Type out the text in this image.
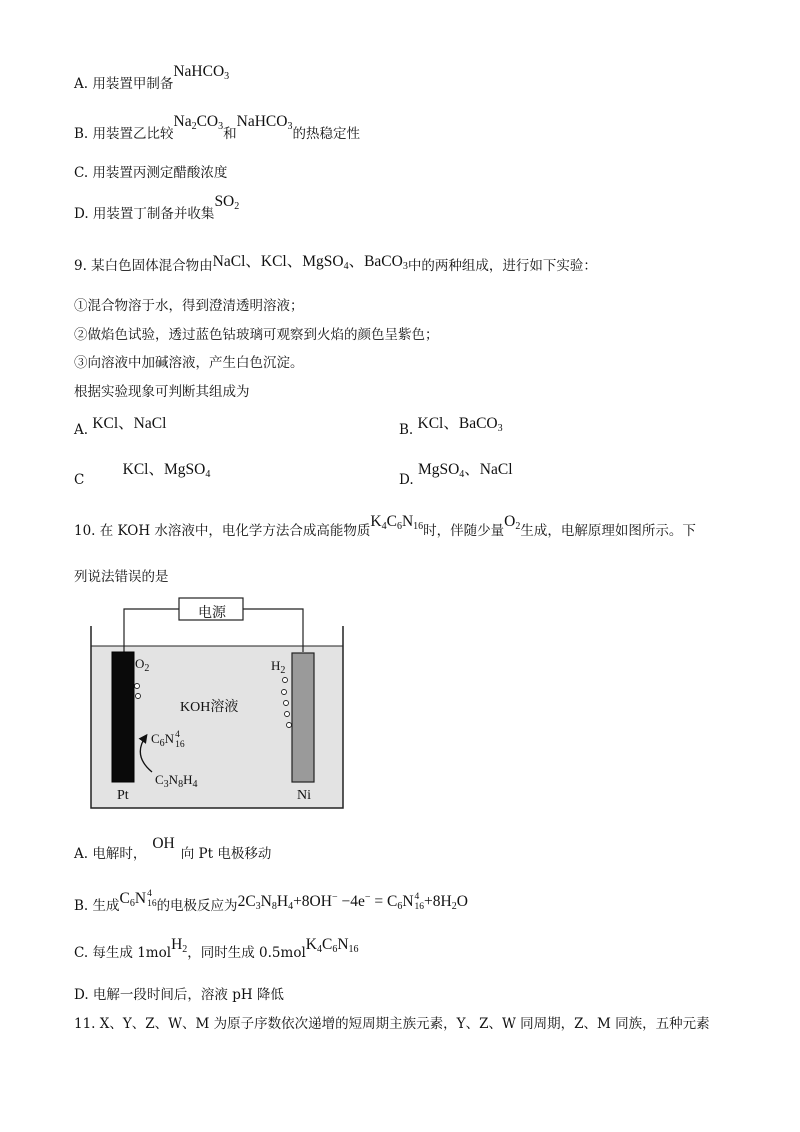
A. 用装置甲制备NaHCO$_3$
B. 用装置乙比较$Na_2CO_3$和NaHCO$_3$的热稳定性
C. 用装置丙测定醋酸浓度
D. 用装置丁制备并收集$SO_2$
9. 某白色固体混合物由NaCl、KCl、MgSO$_4$、BaCO$_3$中的两种组成，进行如下实验：
①混合物溶于水，得到澄清透明溶液；
②做焰色试验，透过蓝色钴玻璃可观察到火焰的颜色呈紫色；
③向溶液中加碱溶液，产生白色沉淀。
根据实验现象可判断其组成为
A. KCl、NaCl	B. KCl、BaCO$_3$
C KCl、MgSO$_4$	D. MgSO$_4$、NaCl
10. 在 KOH 水溶液中，电化学方法合成高能物质$K_4C_6N_{16}$时，伴随少量$O_2$生成，电解原理如图所示。下
列说法错误的是
电源
KOH溶液
$O_2$	$H_2$
$C_6N$ 4
16
$C_3N_8H_4$
Pt	Ni
A. 电解时，OH向 Pt 电极移动
B. 生成$C_6N$ 4
16 的电极反应为$2C_3N_8H_4+8OH^- -4e^- = C_6N$ 4
$16 +8H_2O$
C. 每生成 1molH$_2$，同时生成 $0.5molK_4C_6N_{16}$
D. 电解一段时间后，溶液 pH 降低
11. X、Y、Z、W、M 为原子序数依次递增的短周期主族元素，Y、Z、W 同周期，Z、M 同族，五种元素
